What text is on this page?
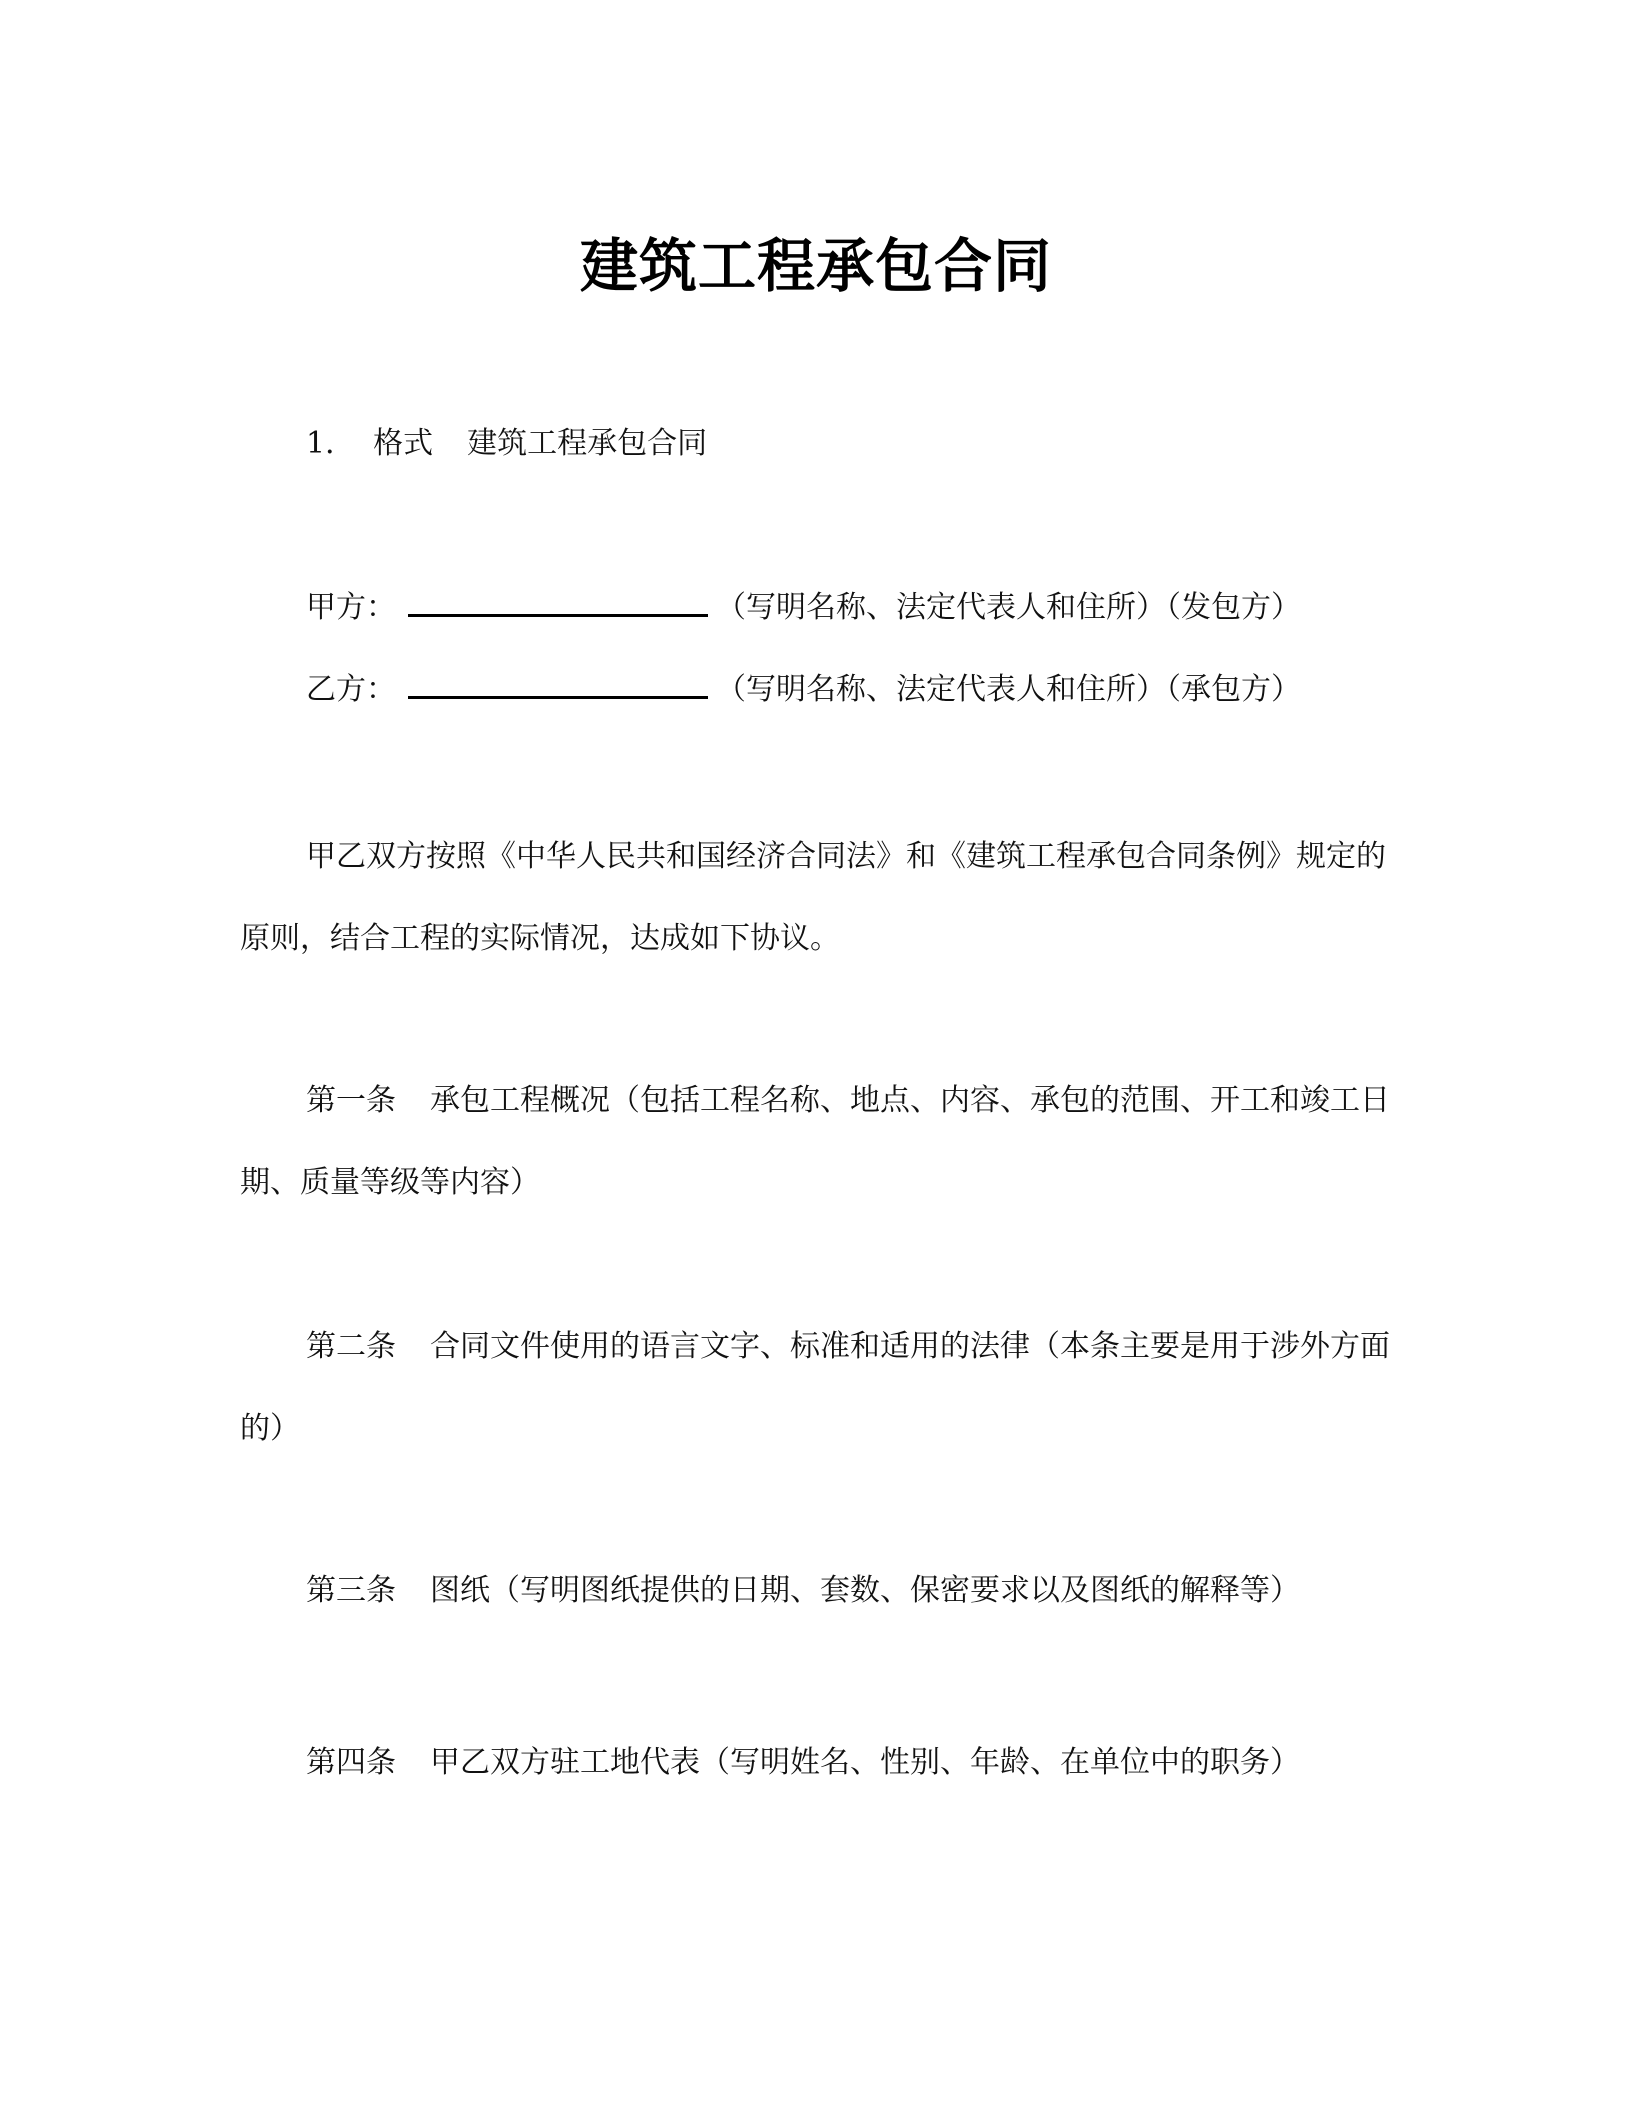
建筑工程承包合同
1． 格式 建筑工程承包合同
甲方：	（写明名称、法定代表人和住所）（发包方）
乙方：	（写明名称、法定代表人和住所）（承包方）

甲乙双方按照《中华人民共和国经济合同法》和《建筑工程承包合同条例》规定的原则，结合工程的实际情况，达成如下协议。

第一条 承包工程概况（包括工程名称、地点、内容、承包的范围、开工和竣工日期、质量等级等内容）

第二条 合同文件使用的语言文字、标准和适用的法律（本条主要是用于涉外方面的）

第三条 图纸（写明图纸提供的日期、套数、保密要求以及图纸的解释等）

第四条 甲乙双方驻工地代表（写明姓名、性别、年龄、在单位中的职务）
